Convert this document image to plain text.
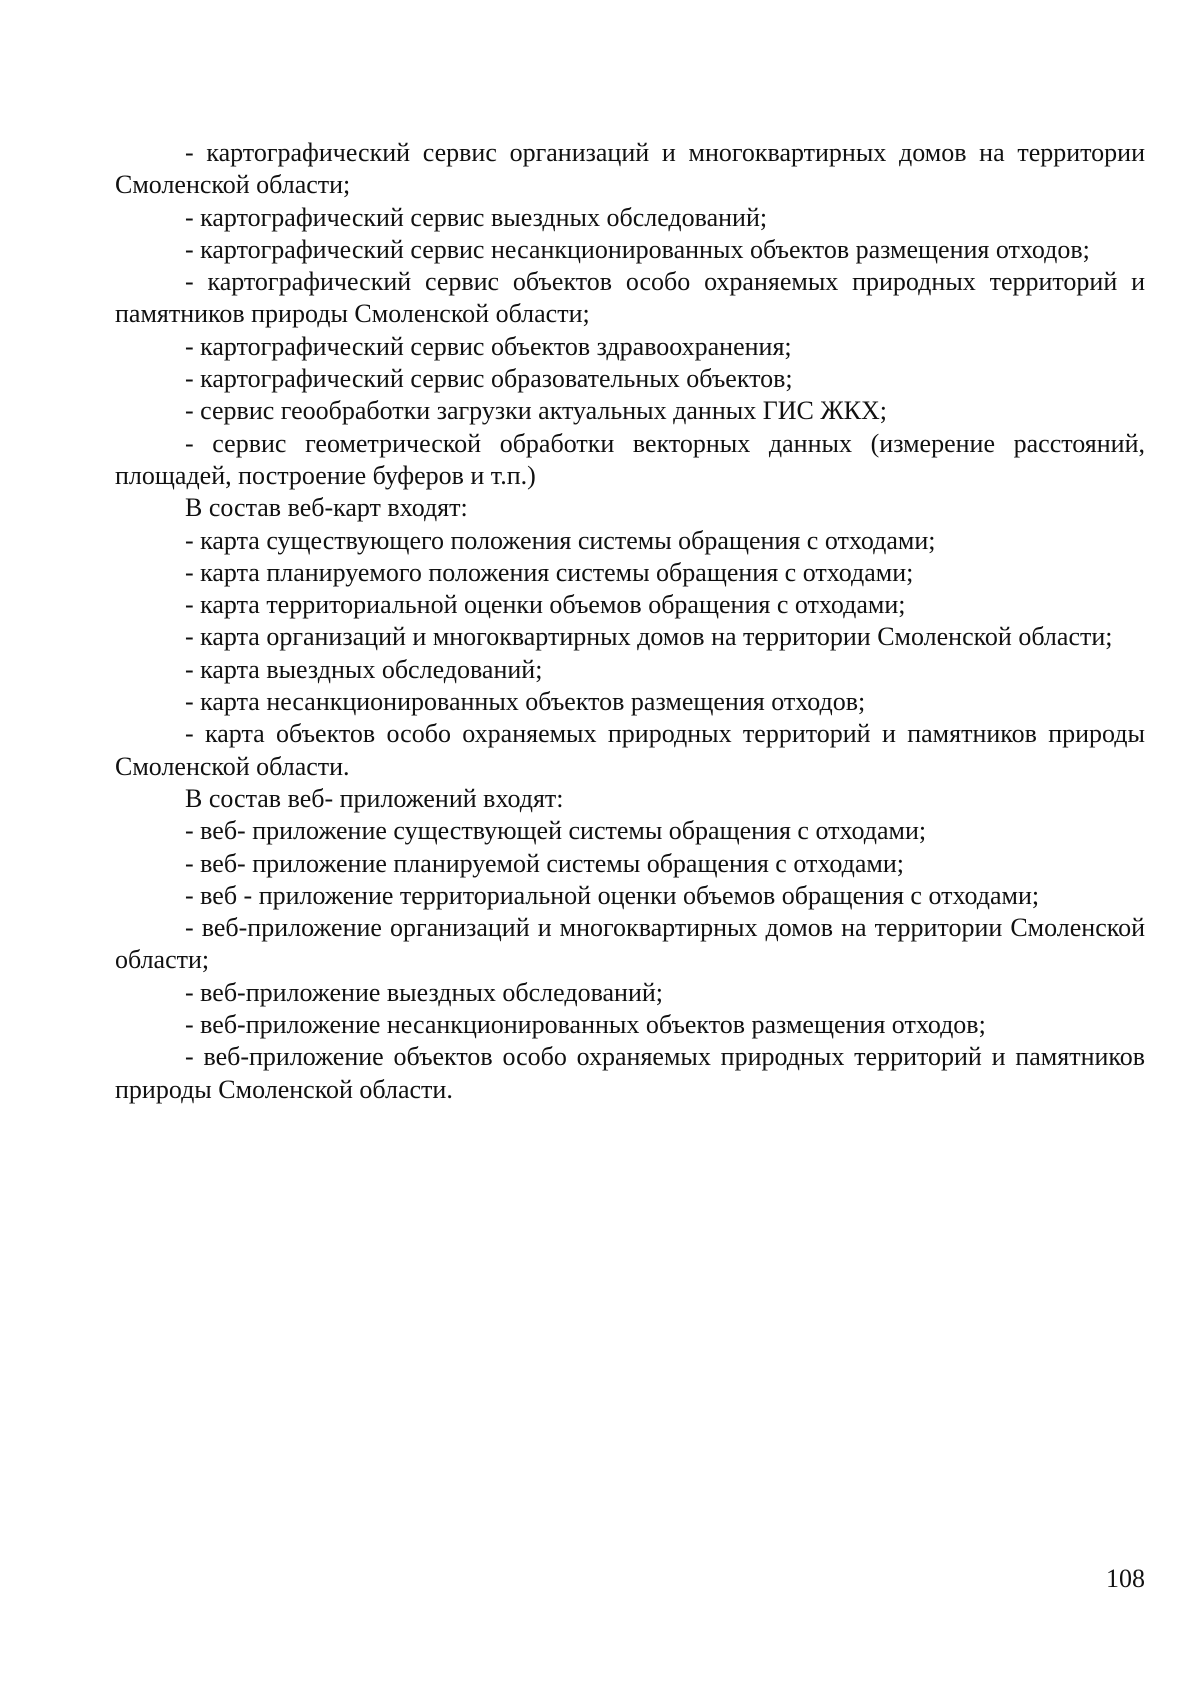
- картографический сервис организаций и многоквартирных домов на территории Смоленской области;

- картографический сервис выездных обследований;

- картографический сервис несанкционированных объектов размещения отходов;

- картографический сервис объектов особо охраняемых природных территорий и памятников природы Смоленской области;

- картографический сервис объектов здравоохранения;

- картографический сервис образовательных объектов;

- сервис геообработки загрузки актуальных данных ГИС ЖКХ;

- сервис геометрической обработки векторных данных (измерение расстояний, площадей, построение буферов и т.п.)

В состав веб-карт входят:

- карта существующего положения системы обращения с отходами;

- карта планируемого положения системы обращения с отходами;

- карта территориальной оценки объемов обращения с отходами;

- карта организаций и многоквартирных домов на территории Смоленской области;

- карта выездных обследований;

- карта несанкционированных объектов размещения отходов;

- карта объектов особо охраняемых природных территорий и памятников природы Смоленской области.

В состав веб- приложений входят:

- веб- приложение существующей системы обращения с отходами;

- веб- приложение планируемой системы обращения с отходами;

- веб - приложение территориальной оценки объемов обращения с отходами;

- веб-приложение организаций и многоквартирных домов на территории Смоленской области;

- веб-приложение выездных обследований;

- веб-приложение несанкционированных объектов размещения отходов;

- веб-приложение объектов особо охраняемых природных территорий и памятников природы Смоленской области.

108
